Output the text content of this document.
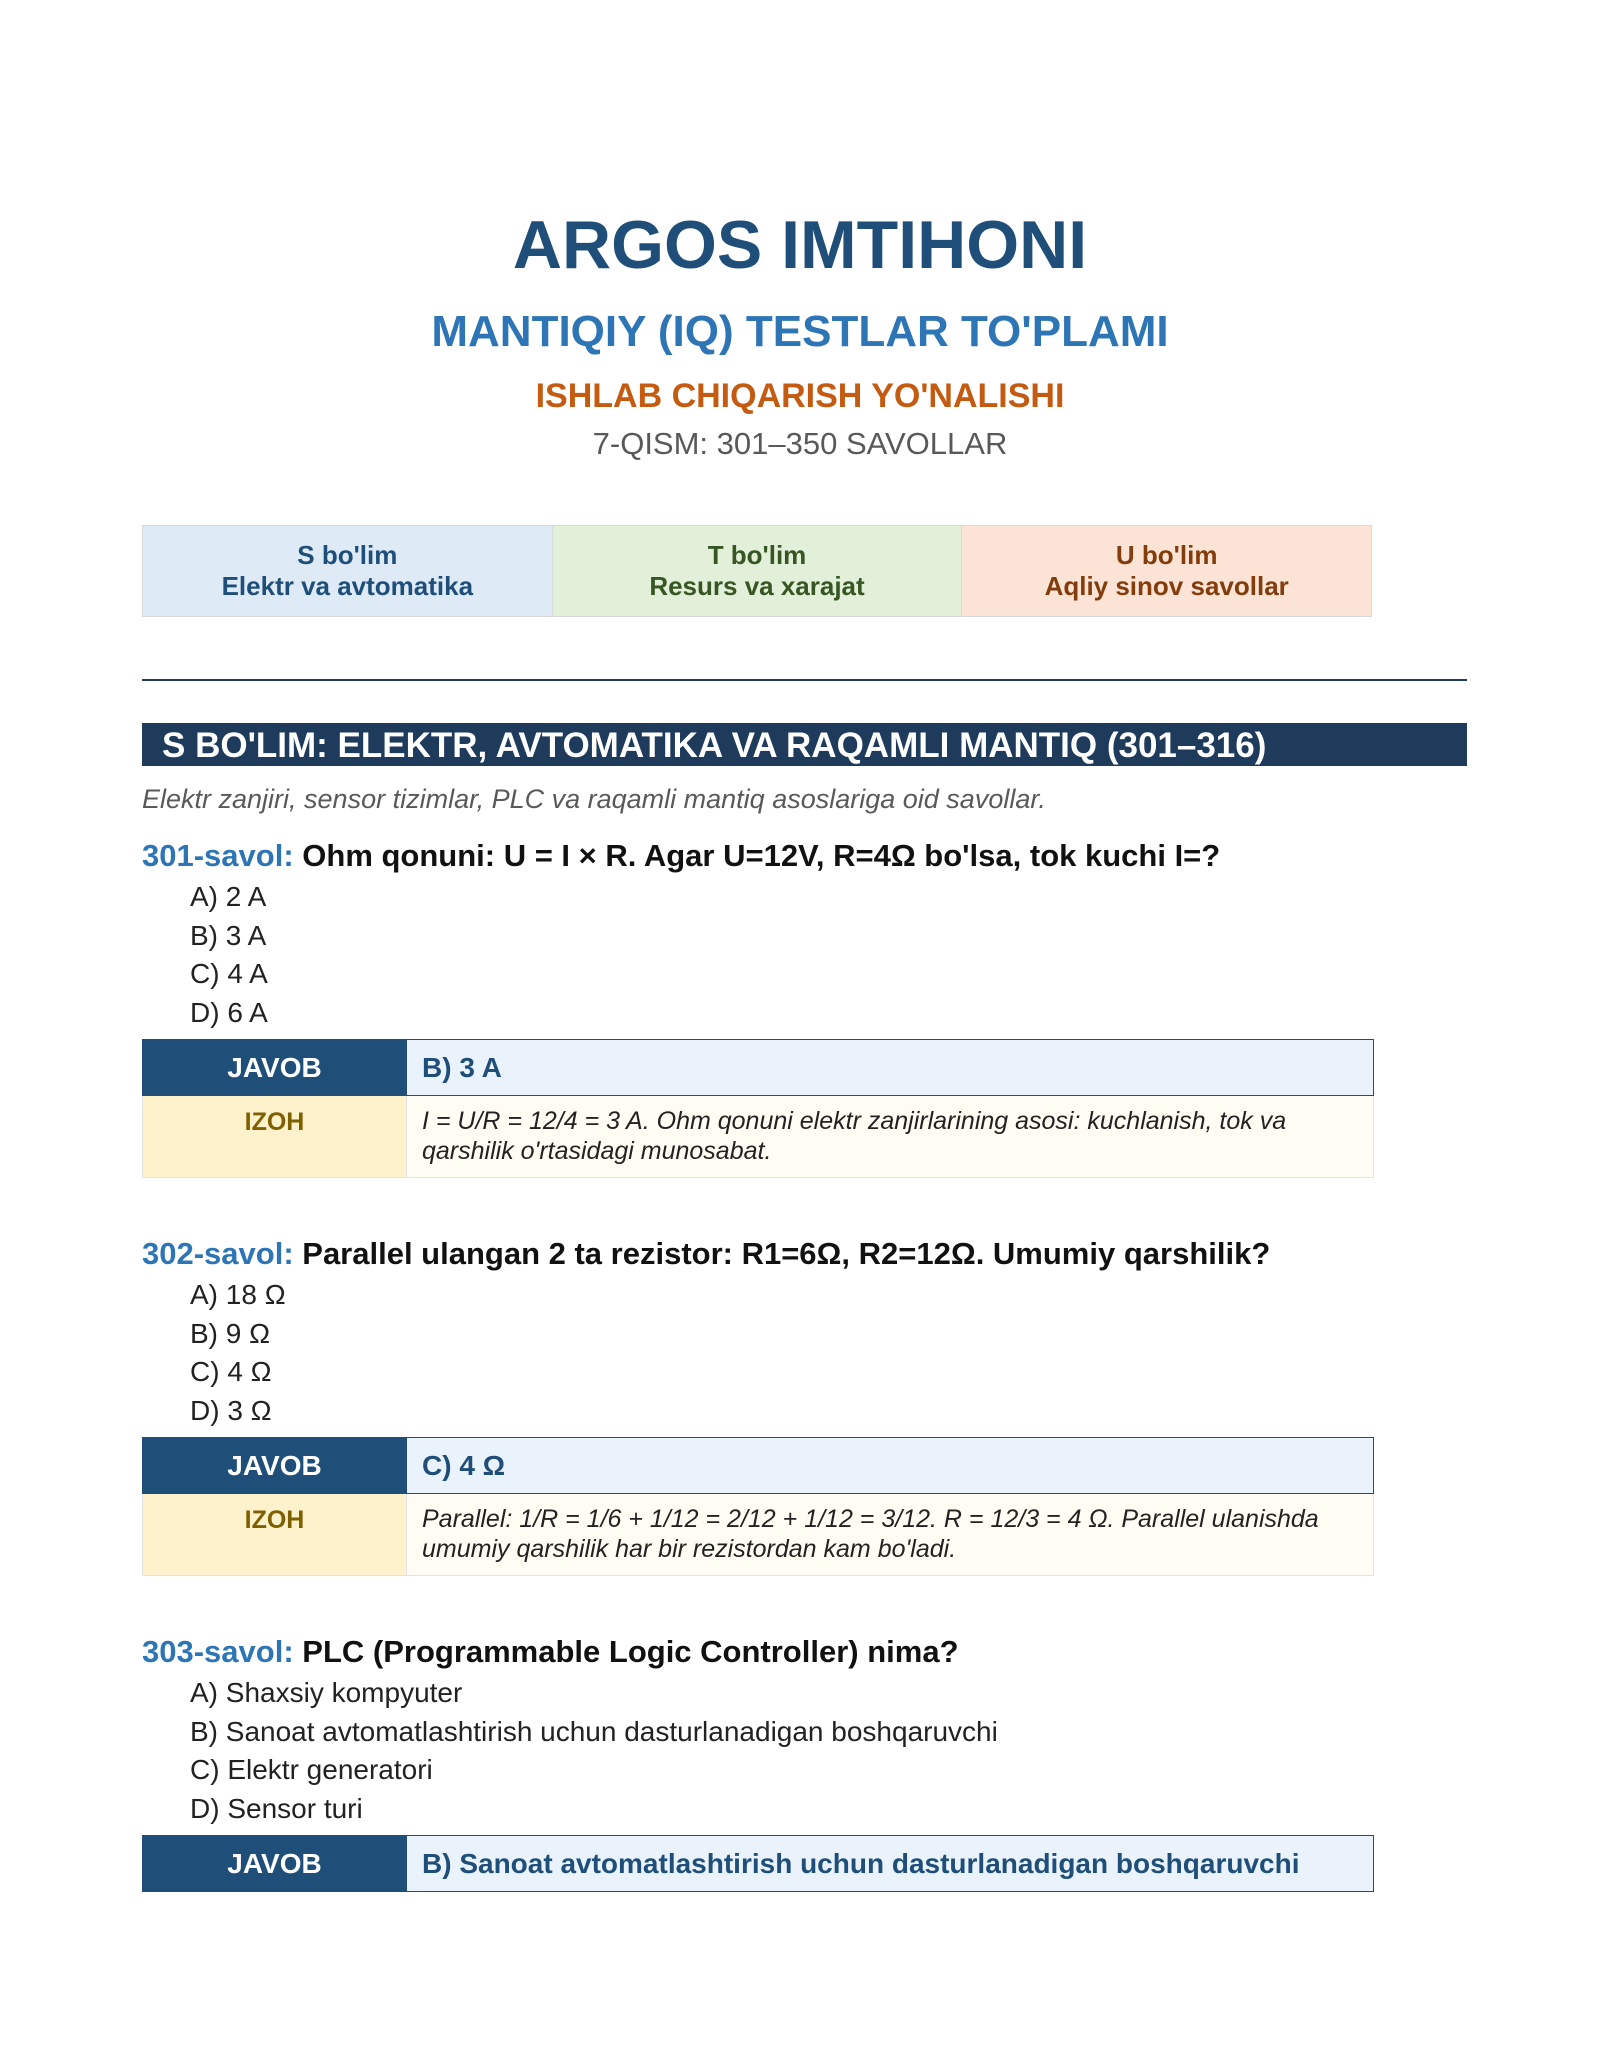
ARGOS IMTIHONI
MANTIQIY (IQ) TESTLAR TO'PLAMI
ISHLAB CHIQARISH YO'NALISHI
7-QISM: 301–350 SAVOLLAR
S bo'lim
Elektr va avtomatika
T bo'lim
Resurs va xarajat
U bo'lim
Aqliy sinov savollar
S BO'LIM: ELEKTR, AVTOMATIKA VA RAQAMLI MANTIQ (301–316)
Elektr zanjiri, sensor tizimlar, PLC va raqamli mantiq asoslariga oid savollar.
301-savol: Ohm qonuni: U = I × R. Agar U=12V, R=4Ω bo'lsa, tok kuchi I=?
A) 2 A
B) 3 A
C) 4 A
D) 6 A
JAVOB	B) 3 A
IZOH	I = U/R = 12/4 = 3 A. Ohm qonuni elektr zanjirlarining asosi: kuchlanish, tok va qarshilik o'rtasidagi munosabat.
302-savol: Parallel ulangan 2 ta rezistor: R1=6Ω, R2=12Ω. Umumiy qarshilik?
A) 18 Ω
B) 9 Ω
C) 4 Ω
D) 3 Ω
JAVOB	C) 4 Ω
IZOH	Parallel: 1/R = 1/6 + 1/12 = 2/12 + 1/12 = 3/12. R = 12/3 = 4 Ω. Parallel ulanishda umumiy qarshilik har bir rezistordan kam bo'ladi.
303-savol: PLC (Programmable Logic Controller) nima?
A) Shaxsiy kompyuter
B) Sanoat avtomatlashtirish uchun dasturlanadigan boshqaruvchi
C) Elektr generatori
D) Sensor turi
JAVOB	B) Sanoat avtomatlashtirish uchun dasturlanadigan boshqaruvchi
